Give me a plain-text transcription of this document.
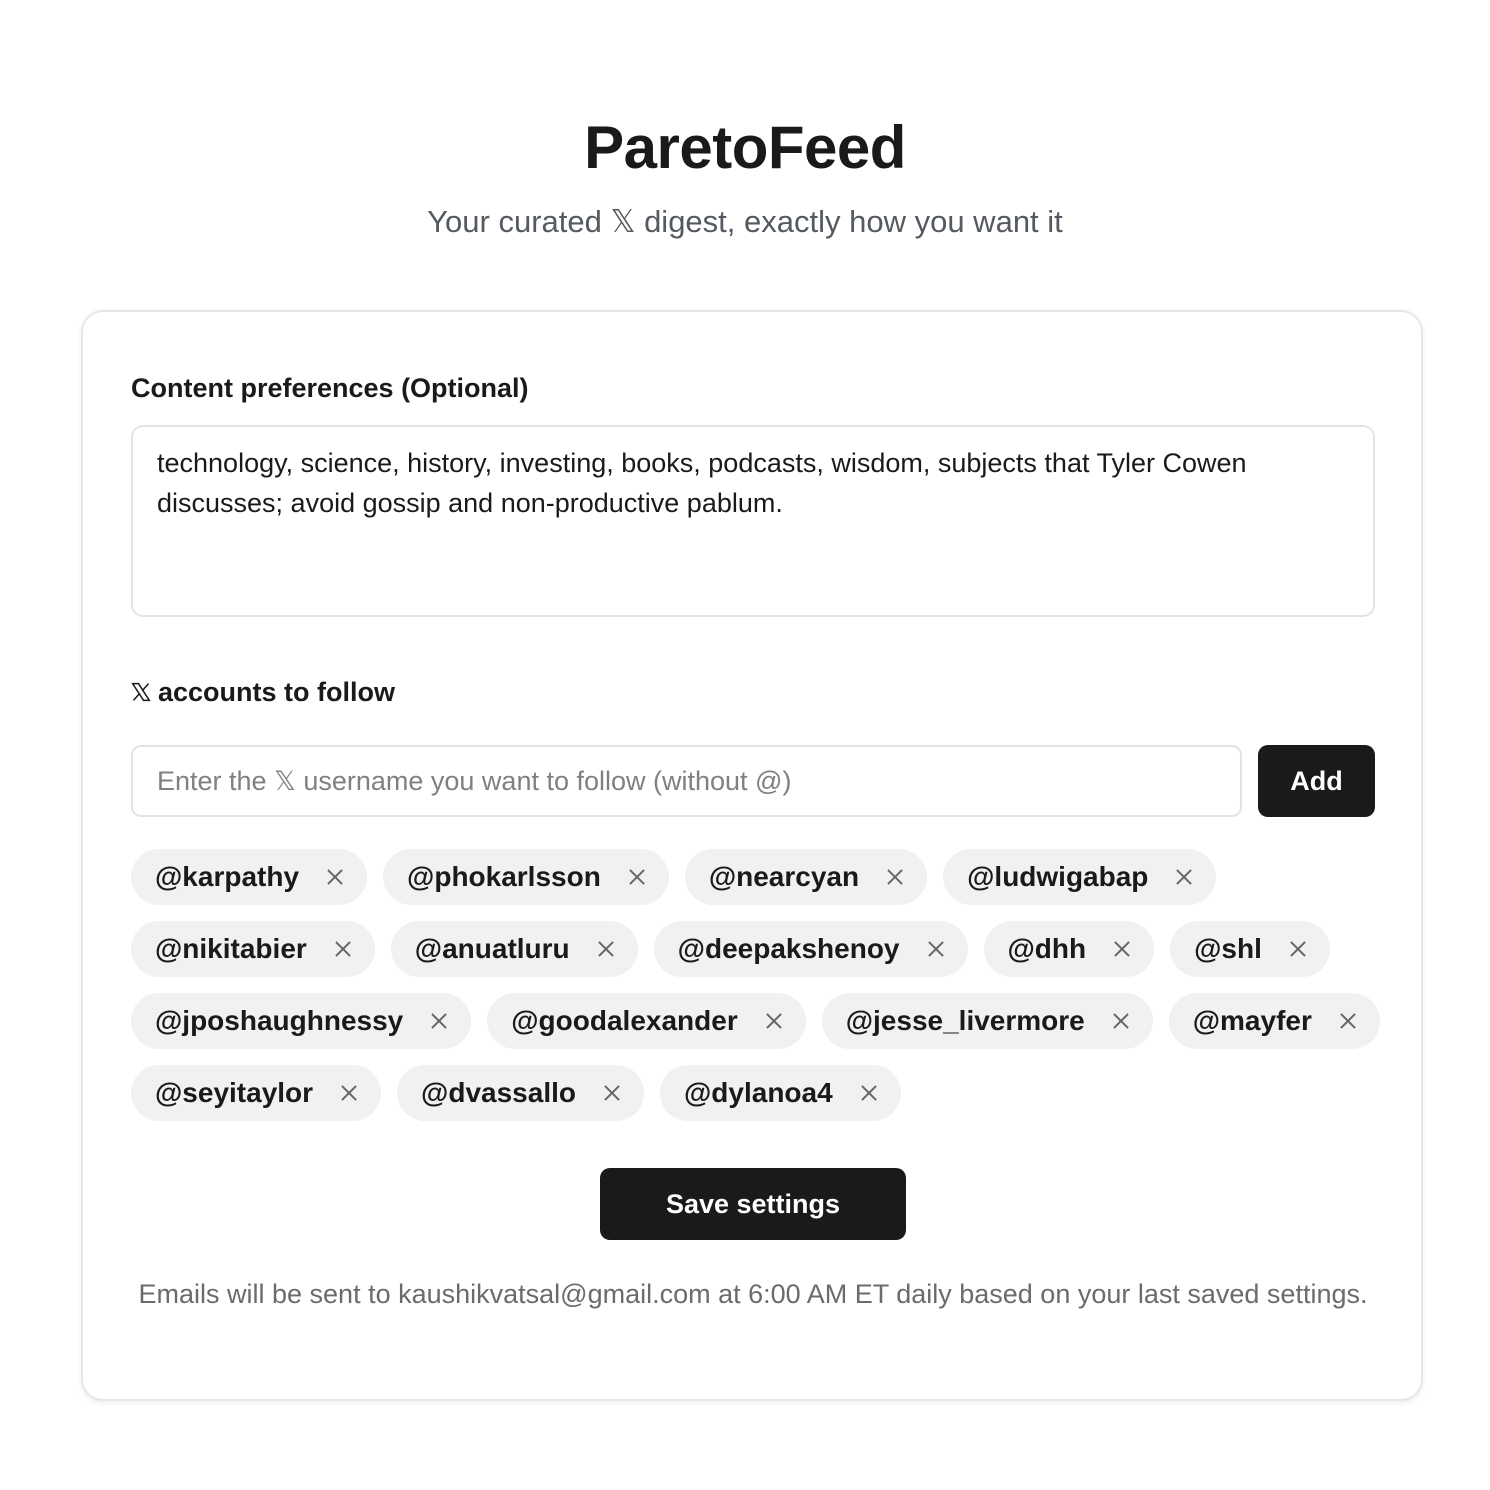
ParetoFeed
Your curated 𝕏 digest, exactly how you want it
Content preferences (Optional)
technology, science, history, investing, books, podcasts, wisdom, subjects that Tyler Cowen discusses; avoid gossip and non-productive pablum.
accounts to follow
Enter the 𝕏 username you want to follow (without @)
Add
@karpathy	@phokarlsson	@nearcyan	@ludwigabap
@nikitabier	@anuatluru	@deepakshenoy	@dhh	@shl
@jposhaughnessy	@goodalexander	@jesse_livermore	@mayfer
@seyitaylor	@dvassallo	@dylanoa4
Save settings
Emails will be sent to kaushikvatsal@gmail.com at 6:00 AM ET daily based on your last saved settings.
